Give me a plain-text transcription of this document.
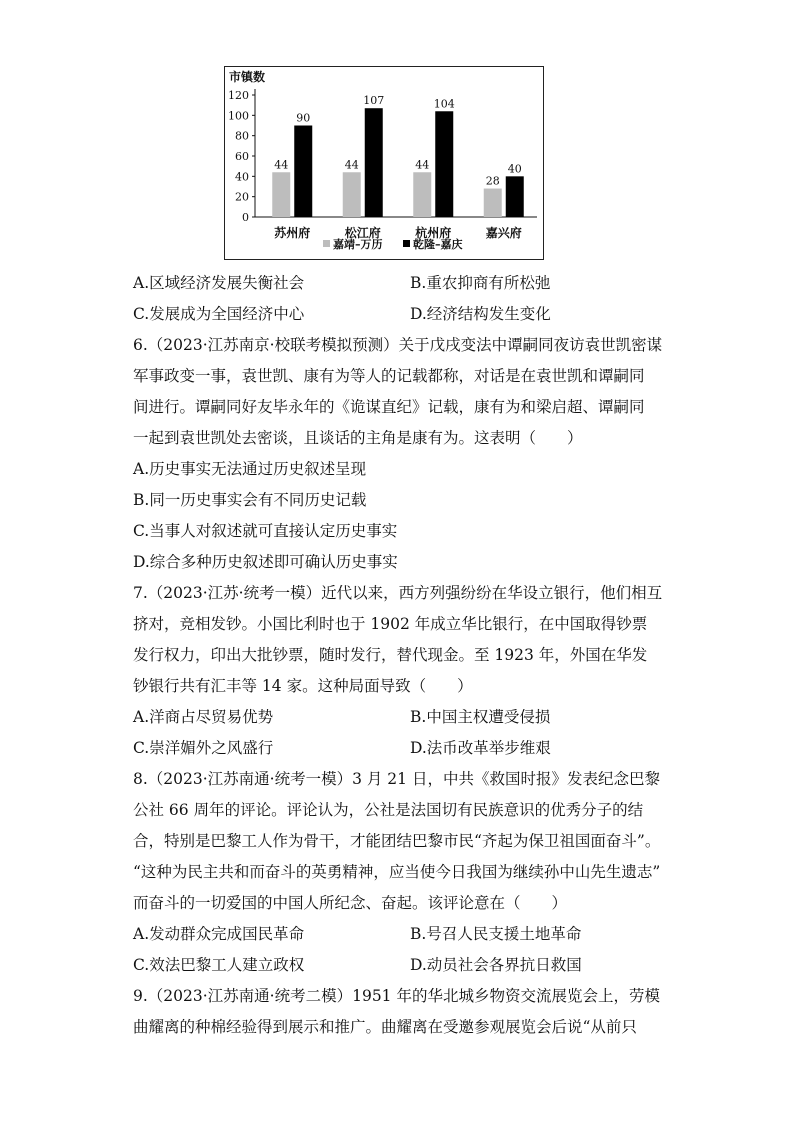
市镇数
0
20
40
60
80
100
120
44
90
苏州府
44
107
松江府
44
104
杭州府
28
40
嘉兴府
嘉靖–万历	乾隆–嘉庆
A.区域经济发展失衡社会	B.重农抑商有所松弛
C.发展成为全国经济中心	D.经济结构发生变化
6.（2023·江苏南京·校联考模拟预测）关于戊戌变法中谭嗣同夜访袁世凯密谋
军事政变一事，袁世凯、康有为等人的记载都称，对话是在袁世凯和谭嗣同
间进行。谭嗣同好友毕永年的《诡谋直纪》记载，康有为和梁启超、谭嗣同
一起到袁世凯处去密谈，且谈话的主角是康有为。这表明（　　）
A.历史事实无法通过历史叙述呈现
B.同一历史事实会有不同历史记载
C.当事人对叙述就可直接认定历史事实
D.综合多种历史叙述即可确认历史事实
7.（2023·江苏·统考一模）近代以来，西方列强纷纷在华设立银行，他们相互
挤对，竞相发钞。小国比利时也于 1902 年成立华比银行，在中国取得钞票
发行权力，印出大批钞票，随时发行，替代现金。至 1923 年，外国在华发
钞银行共有汇丰等 14 家。这种局面导致（　　）
A.洋商占尽贸易优势	B.中国主权遭受侵损
C.崇洋媚外之风盛行	D.法币改革举步维艰
8.（2023·江苏南通·统考一模）3 月 21 日，中共《救国时报》发表纪念巴黎
公社 66 周年的评论。评论认为，公社是法国切有民族意识的优秀分子的结
合，特别是巴黎工人作为骨干，才能团结巴黎市民“齐起为保卫祖国面奋斗”。
“这种为民主共和而奋斗的英勇精神，应当使今日我国为继续孙中山先生遗志”
而奋斗的一切爱国的中国人所纪念、奋起。该评论意在（　　）
A.发动群众完成国民革命	B.号召人民支援土地革命
C.效法巴黎工人建立政权	D.动员社会各界抗日救国
9.（2023·江苏南通·统考二模）1951 年的华北城乡物资交流展览会上，劳模
曲耀离的种棉经验得到展示和推广。曲耀离在受邀参观展览会后说“从前只
